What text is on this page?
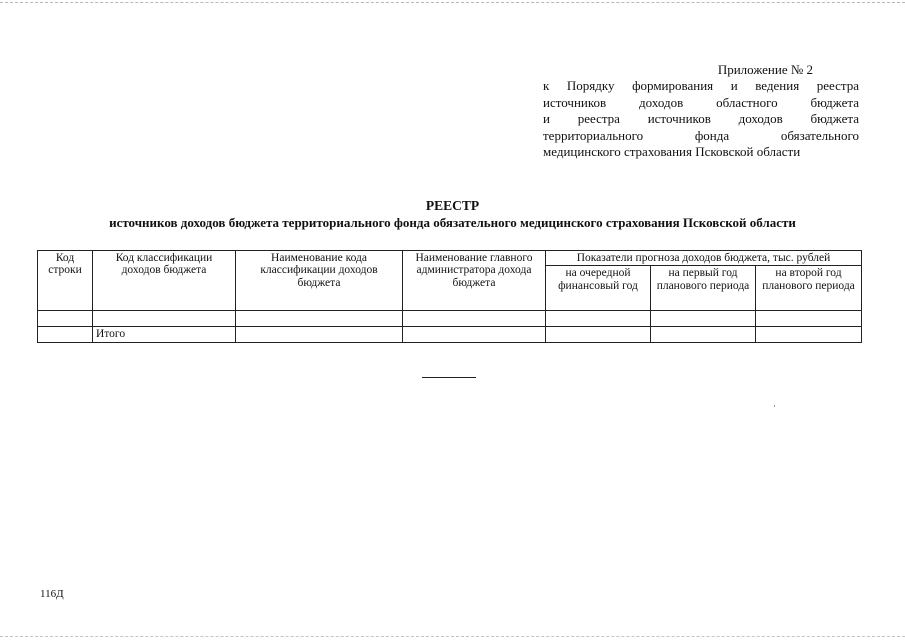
Приложение № 2
к Порядку формирования и ведения реестра
источников доходов областного бюджета
и реестра источников доходов бюджета
территориального фонда обязательного
медицинского страхования Псковской области
РЕЕСТР
источников доходов бюджета территориального фонда обязательного медицинского страхования Псковской области
Код строки	Код классификации доходов бюджета	Наименование кода классификации доходов бюджета	Наименование главного администратора дохода бюджета	Показатели прогноза доходов бюджета, тыс. рублей		
				на очередной финансовый год	на первый год планового периода	на второй год планового периода

	Итого					
116Д
